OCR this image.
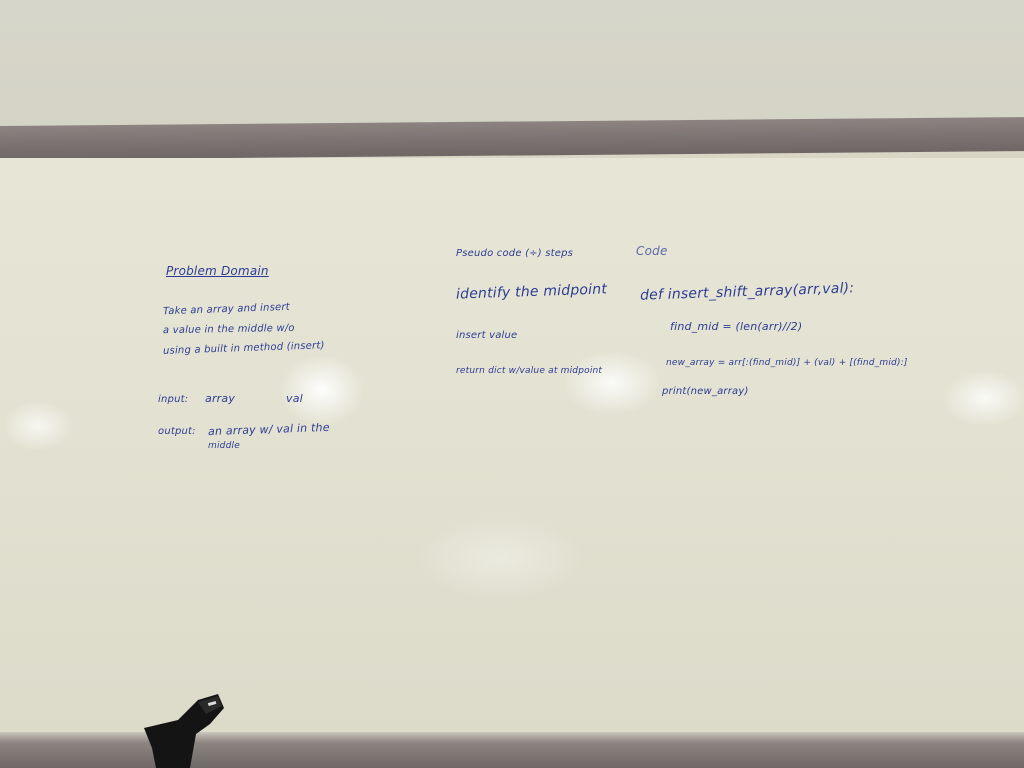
Problem Domain

Take an array and insert

a value in the middle w/o

using a built in method (insert)

input: array	val

output: an array w/ val in the

middle

Pseudo code (÷) steps

identify the midpoint

insert value

return dict w/value at midpoint

Code

def insert_shift_array(arr,val):

find_mid = (len(arr)//2)

new_array = arr[:(find_mid)] + (val) + [(find_mid):]

print(new_array)
